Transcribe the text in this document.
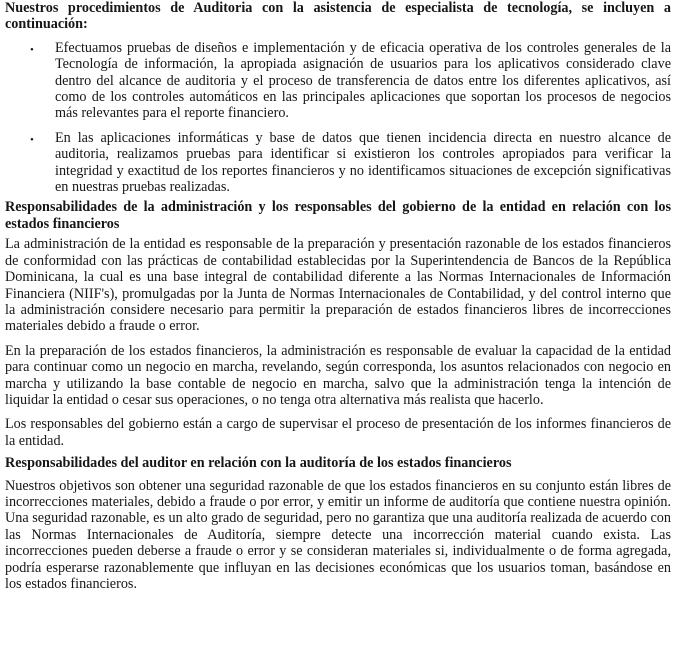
Nuestros procedimientos de Auditoria con la asistencia de especialista de tecnología, se incluyen a continuación:

• Efectuamos pruebas de diseños e implementación y de eficacia operativa de los controles generales de la Tecnología de información, la apropiada asignación de usuarios para los aplicativos considerado clave dentro del alcance de auditoria y el proceso de transferencia de datos entre los diferentes aplicativos, así como de los controles automáticos en las principales aplicaciones que soportan los procesos de negocios más relevantes para el reporte financiero.
• En las aplicaciones informáticas y base de datos que tienen incidencia directa en nuestro alcance de auditoria, realizamos pruebas para identificar si existieron los controles apropiados para verificar la integridad y exactitud de los reportes financieros y no identificamos situaciones de excepción significativas en nuestras pruebas realizadas.

Responsabilidades de la administración y los responsables del gobierno de la entidad en relación con los estados financieros

La administración de la entidad es responsable de la preparación y presentación razonable de los estados financieros de conformidad con las prácticas de contabilidad establecidas por la Superintendencia de Bancos de la República Dominicana, la cual es una base integral de contabilidad diferente a las Normas Internacionales de Información Financiera (NIIF's), promulgadas por la Junta de Normas Internacionales de Contabilidad, y del control interno que la administración considere necesario para permitir la preparación de estados financieros libres de incorrecciones materiales debido a fraude o error.

En la preparación de los estados financieros, la administración es responsable de evaluar la capacidad de la entidad para continuar como un negocio en marcha, revelando, según corresponda, los asuntos relacionados con negocio en marcha y utilizando la base contable de negocio en marcha, salvo que la administración tenga la intención de liquidar la entidad o cesar sus operaciones, o no tenga otra alternativa más realista que hacerlo.

Los responsables del gobierno están a cargo de supervisar el proceso de presentación de los informes financieros de la entidad.

Responsabilidades del auditor en relación con la auditoría de los estados financieros

Nuestros objetivos son obtener una seguridad razonable de que los estados financieros en su conjunto están libres de incorrecciones materiales, debido a fraude o por error, y emitir un informe de auditoría que contiene nuestra opinión. Una seguridad razonable, es un alto grado de seguridad, pero no garantiza que una auditoría realizada de acuerdo con las Normas Internacionales de Auditoría, siempre detecte una incorrección material cuando exista. Las incorrecciones pueden deberse a fraude o error y se consideran materiales si, individualmente o de forma agregada, podría esperarse razonablemente que influyan en las decisiones económicas que los usuarios toman, basándose en los estados financieros.
